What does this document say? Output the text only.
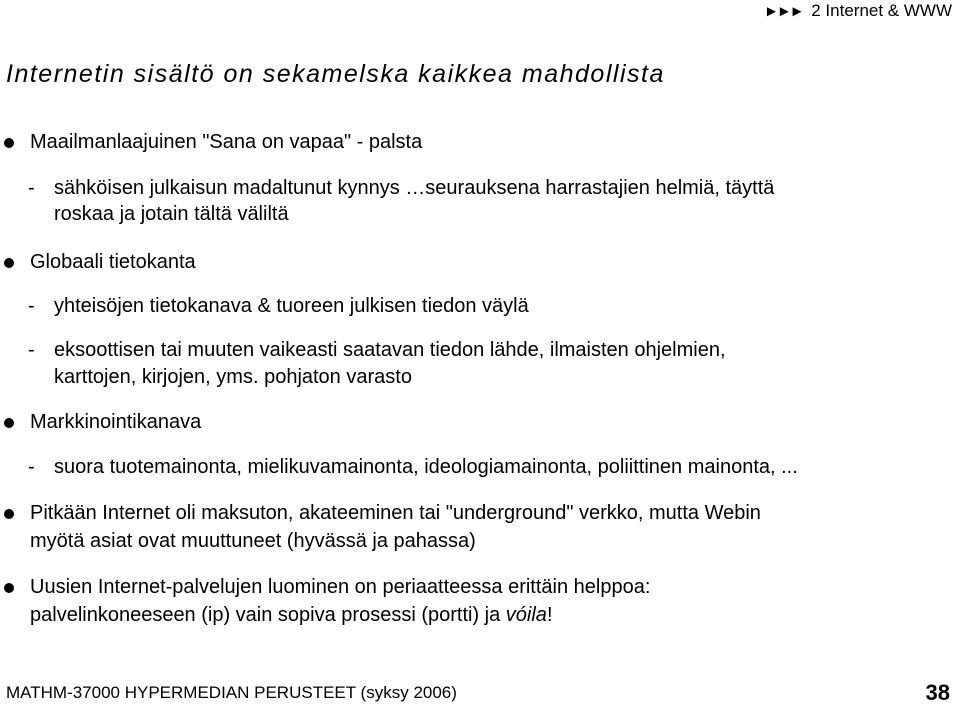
►►► 2 Internet & WWW
Internetin sisältö on sekamelska kaikkea mahdollista
Maailmanlaajuinen "Sana on vapaa" - palsta
- sähköisen julkaisun madaltunut kynnys …seurauksena harrastajien helmiä, täyttä
roskaa ja jotain tältä väliltä
Globaali tietokanta
- yhteisöjen tietokanava & tuoreen julkisen tiedon väylä
- eksoottisen tai muuten vaikeasti saatavan tiedon lähde, ilmaisten ohjelmien,
karttojen, kirjojen, yms. pohjaton varasto
Markkinointikanava
- suora tuotemainonta, mielikuvamainonta, ideologiamainonta, poliittinen mainonta, ...
Pitkään Internet oli maksuton, akateeminen tai "underground" verkko, mutta Webin
myötä asiat ovat muuttuneet (hyvässä ja pahassa)
Uusien Internet-palvelujen luominen on periaatteessa erittäin helppoa:
palvelinkoneeseen (ip) vain sopiva prosessi (portti) ja vóila!
MATHM-37000 HYPERMEDIAN PERUSTEET (syksy 2006)	38
